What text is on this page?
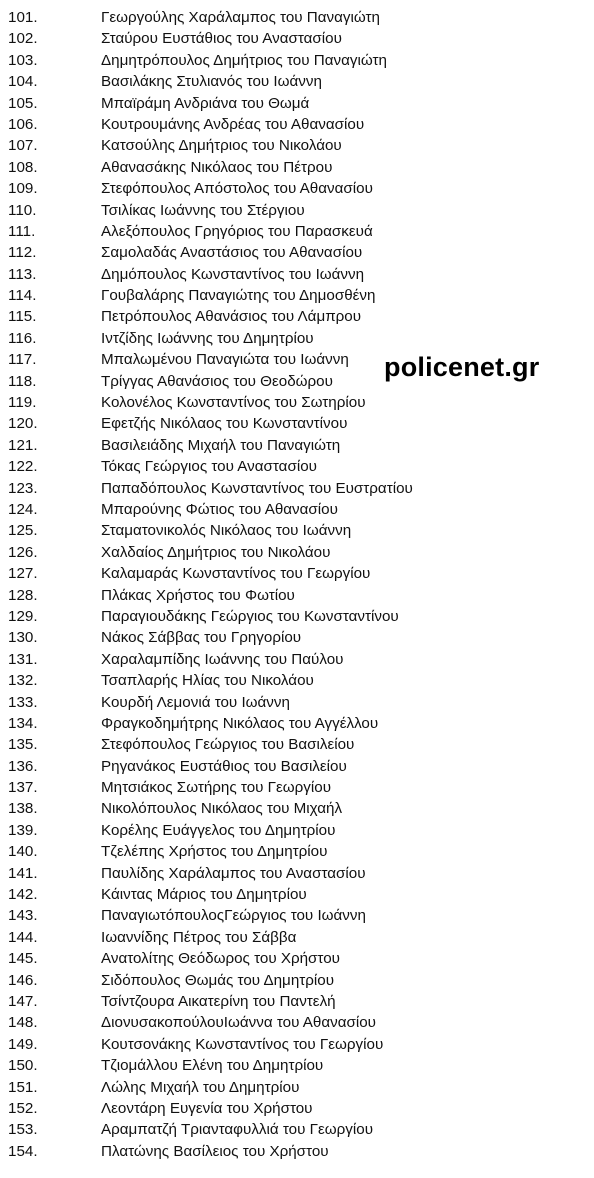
101.	Γεωργούλης Χαράλαμπος του Παναγιώτη
102.	Σταύρου Ευστάθιος του Αναστασίου
103.	Δημητρόπουλος Δημήτριος του Παναγιώτη
104.	Βασιλάκης Στυλιανός του Ιωάννη
105.	Μπαϊράμη Ανδριάνα του Θωμά
106.	Κουτρουμάνης Ανδρέας του Αθανασίου
107.	Κατσούλης Δημήτριος του Νικολάου
108.	Αθανασάκης Νικόλαος του Πέτρου
109.	Στεφόπουλος Απόστολος του Αθανασίου
110.	Τσιλίκας Ιωάννης του Στέργιου
111.	Αλεξόπουλος Γρηγόριος του Παρασκευά
112.	Σαμολαδάς Αναστάσιος του Αθανασίου
113.	Δημόπουλος Κωνσταντίνος του Ιωάννη
114.	Γουβαλάρης Παναγιώτης του Δημοσθένη
115.	Πετρόπουλος Αθανάσιος του Λάμπρου
116.	Ιντζίδης Ιωάννης του Δημητρίου
117.	Μπαλωμένου Παναγιώτα του Ιωάννη
118.	Τρίγγας Αθανάσιος του Θεοδώρου
119.	Κολονέλος Κωνσταντίνος του Σωτηρίου
120.	Εφετζής Νικόλαος του Κωνσταντίνου
121.	Βασιλειάδης Μιχαήλ του Παναγιώτη
122.	Τόκας Γεώργιος του Αναστασίου
123.	Παπαδόπουλος Κωνσταντίνος του Ευστρατίου
124.	Μπαρούνης Φώτιος του Αθανασίου
125.	Σταματονικολός Νικόλαος του Ιωάννη
126.	Χαλδαίος Δημήτριος του Νικολάου
127.	Καλαμαράς Κωνσταντίνος του Γεωργίου
128.	Πλάκας Χρήστος του Φωτίου
129.	Παραγιουδάκης Γεώργιος του Κωνσταντίνου
130.	Νάκος Σάββας του Γρηγορίου
131.	Χαραλαμπίδης Ιωάννης του Παύλου
132.	Τσαπλαρής Ηλίας του Νικολάου
133.	Κουρδή Λεμονιά του Ιωάννη
134.	Φραγκοδημήτρης Νικόλαος του Αγγέλλου
135.	Στεφόπουλος Γεώργιος του Βασιλείου
136.	Ρηγανάκος Ευστάθιος του Βασιλείου
137.	Μητσιάκος Σωτήρης του Γεωργίου
138.	Νικολόπουλος Νικόλαος του Μιχαήλ
139.	Κορέλης Ευάγγελος του Δημητρίου
140.	Τζελέπης Χρήστος του Δημητρίου
141.	Παυλίδης Χαράλαμπος του Αναστασίου
142.	Κάιντας Μάριος του Δημητρίου
143.	ΠαναγιωτόπουλοςΓεώργιος του Ιωάννη
144.	Ιωαννίδης Πέτρος του Σάββα
145.	Ανατολίτης Θεόδωρος του Χρήστου
146.	Σιδόπουλος Θωμάς του Δημητρίου
147.	Τσίντζουρα Αικατερίνη του Παντελή
148.	ΔιονυσακοπούλουΙωάννα του Αθανασίου
149.	Κουτσονάκης Κωνσταντίνος του Γεωργίου
150.	Τζιομάλλου Ελένη του Δημητρίου
151.	Λώλης Μιχαήλ του Δημητρίου
152.	Λεοντάρη Ευγενία του Χρήστου
153.	Αραμπατζή Τριανταφυλλιά του Γεωργίου
154.	Πλατώνης Βασίλειος του Χρήστου
policenet.gr
